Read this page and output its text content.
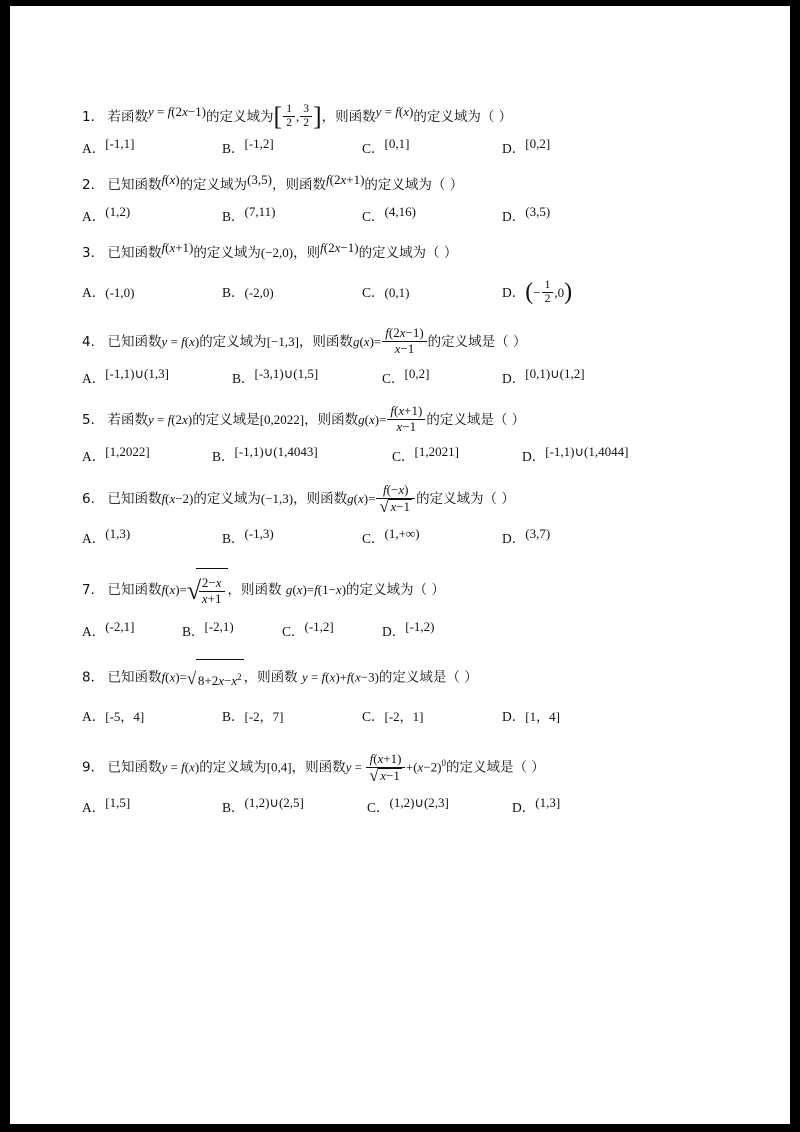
1． 若函数y = f(2x−1)的定义域为[ $\frac{1}{2}$ , $\frac{3}{2}$ ]，则函数y = f(x)的定义域为（ ）
A．[-1,1]	B．[-1,2]	C．[0,1]	D．[0,2]
2． 已知函数f(x)的定义域为(3,5)，则函数f(2x+1)的定义域为（ ）
A．(1,2)	B．(7,11)	C．(4,16)	D．(3,5)
3． 已知函数f(x+1)的定义域为(−2,0)，则f(2x−1)的定义域为（ ）
A．(-1,0)	B．(-2,0)	C．(0,1)	D．(− $\frac{1}{2} ,0$)
4． 已知函数y = f(x)的定义域为[−1,3]，则函数$g(x)= \frac{f(2x-1)}{x-1}$ 的定义域是（ ）
A．[-1,1)∪(1,3]	B．[-3,1)∪(1,5]	C．[0,2]	D．[0,1)∪(1,2]
5． 若函数y = f(2x)的定义域是[0,2022]，则函数$g(x)= \frac{f(x+1)}{x-1}$ 的定义域是（ ）
A．[1,2022]	B．[-1,1)∪(1,4043]	C．[1,2021]	D．[-1,1)∪(1,4044]
6． 已知函数f(x−2)的定义域为(−1,3)，则函数$g(x)= \frac{f(-x)}{√ x-1}$ 的定义域为（ ）
A．(1,3)	B．(-1,3)	C．(1,+∞)	D．(3,7)
7． 已知函数f(x)= √
$\frac{2-x}{x+1}$ ，则函数 g(x)=f(1−x)的定义域为（ ）
A．(-2,1]	B．[-2,1)	C．(-1,2]	D．[-1,2)
8． 已知函数f(x)= √ $8+2x-x^2$ ，则函数 y = f(x)+f(x−3)的定义域是（ ）
A．[-5，4]	B．[-2，7]	C．[-2，1]	D．[1，4]
9． 已知函数y = f(x)的定义域为[0,4]，则函数$y = \frac{f(x+1)}{√ x-1} +(x-2)^0$的定义域是（ ）
A．[1,5]	B．(1,2)∪(2,5]	C．(1,2)∪(2,3]	D．(1,3]
